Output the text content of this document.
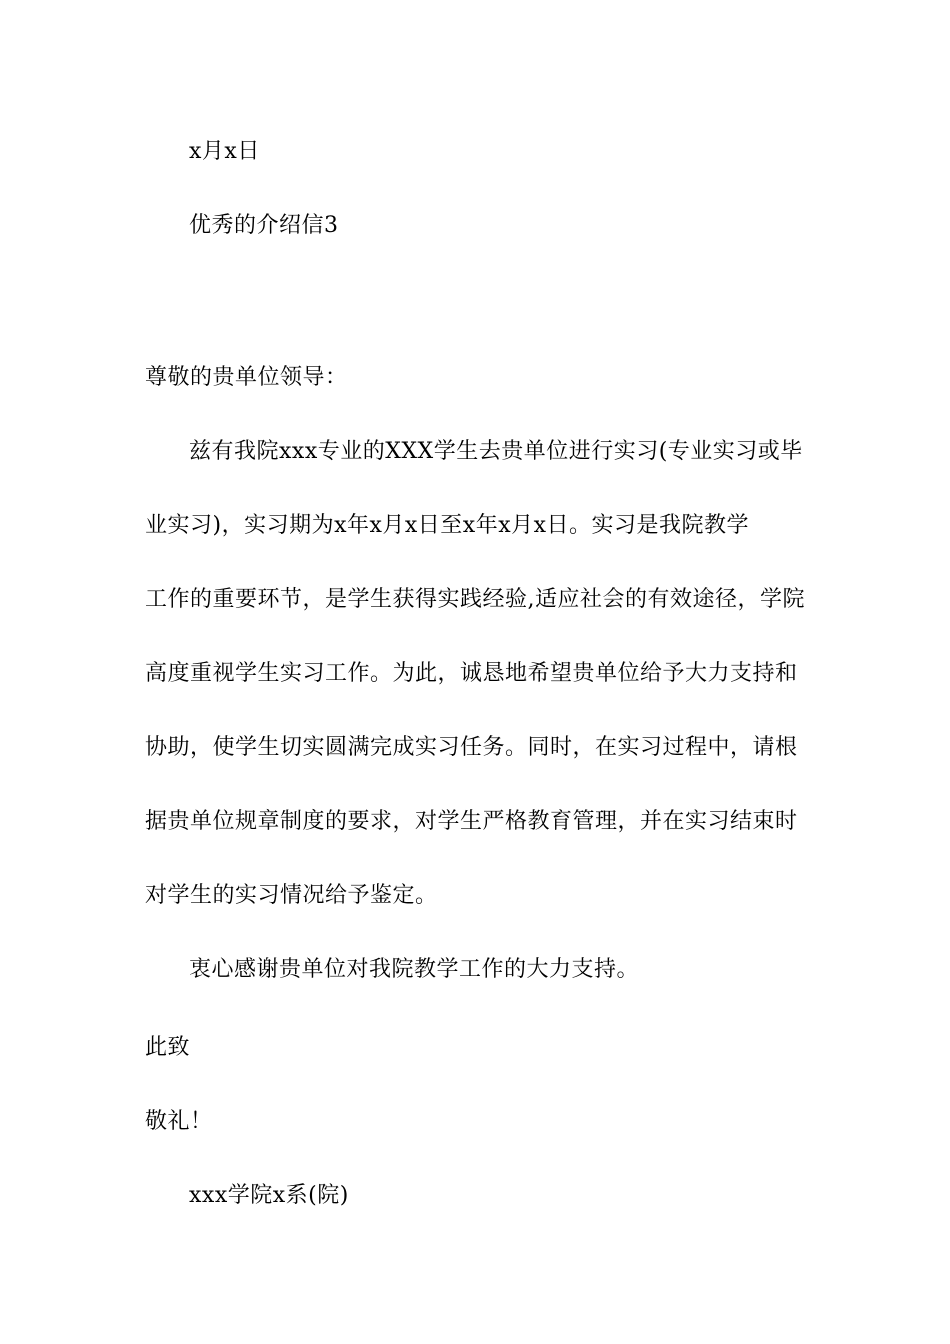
x月x日
优秀的介绍信3
尊敬的贵单位领导：
兹有我院xxx专业的XXX学生去贵单位进行实习(专业实习或毕
业实习)，实习期为x年x月x日至x年x月x日。实习是我院教学
工作的重要环节，是学生获得实践经验,适应社会的有效途径，学院
高度重视学生实习工作。为此，诚恳地希望贵单位给予大力支持和
协助，使学生切实圆满完成实习任务。同时，在实习过程中，请根
据贵单位规章制度的要求，对学生严格教育管理，并在实习结束时
对学生的实习情况给予鉴定。
衷心感谢贵单位对我院教学工作的大力支持。
此致
敬礼！
xxx学院x系(院)
